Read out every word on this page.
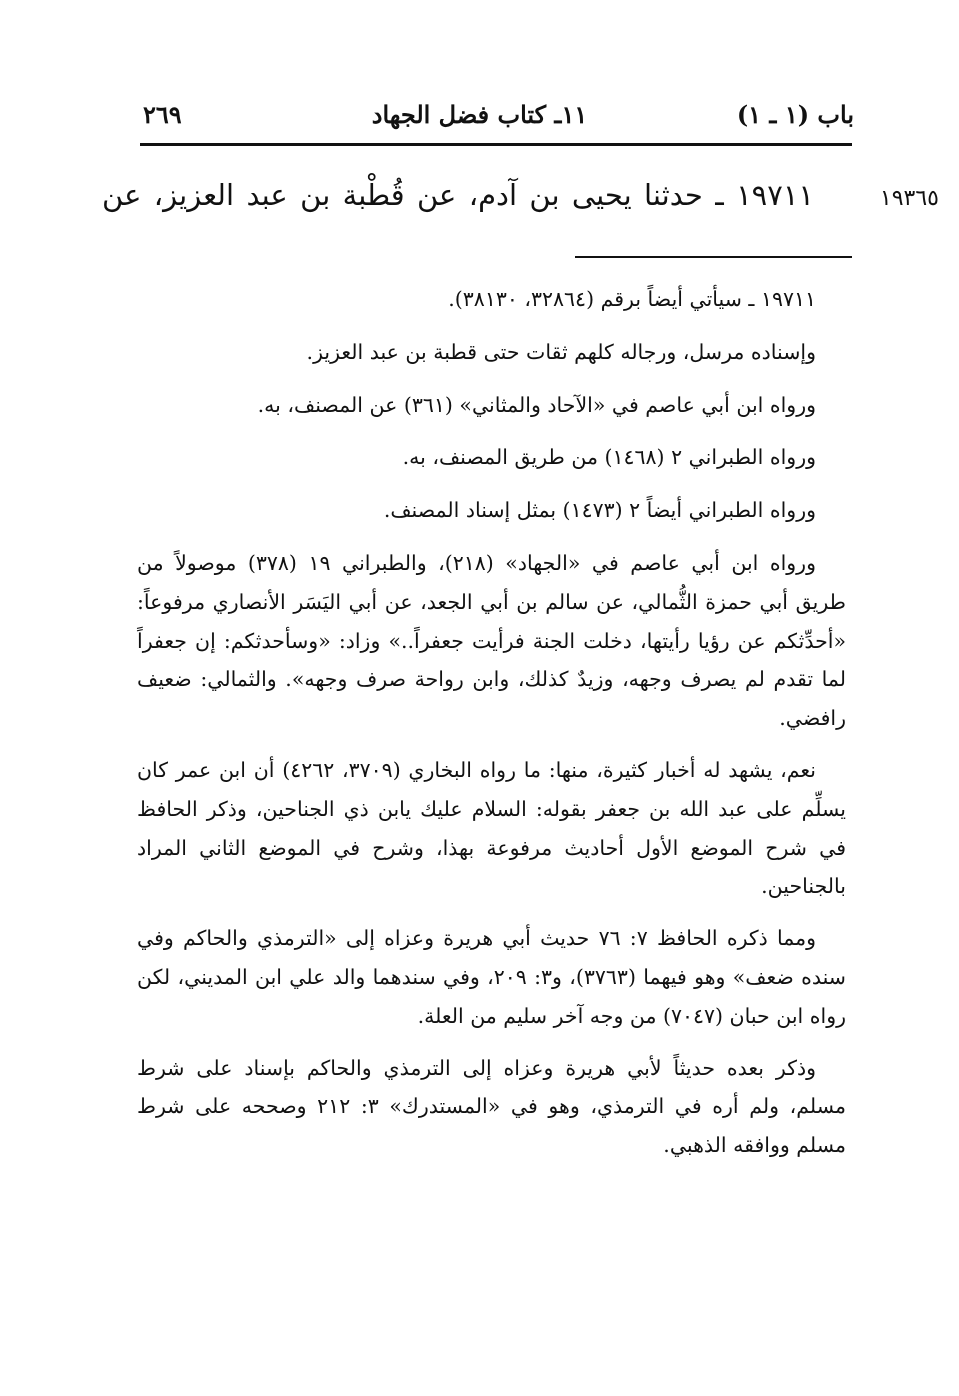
باب (١ ـ ١)
١١ـ كتاب فضل الجهاد
٢٦٩
١٩٧١١ ـ حدثنا يحيى بن آدم، عن قُطْبة بن عبد العزيز، عن	١٩٣٦٥

١٩٧١١ ـ سيأتي أيضاً برقم (٣٢٨٦٤، ٣٨١٣٠).

وإسناده مرسل، ورجاله كلهم ثقات حتى قطبة بن عبد العزيز.

ورواه ابن أبي عاصم في «الآحاد والمثاني» (٣٦١) عن المصنف، به.

ورواه الطبراني ٢ (١٤٦٨) من طريق المصنف، به.

ورواه الطبراني أيضاً ٢ (١٤٧٣) بمثل إسناد المصنف.

ورواه ابن أبي عاصم في «الجهاد» (٢١٨)، والطبراني ١٩ (٣٧٨) موصولاً من طريق أبي حمزة الثُّمالي، عن سالم بن أبي الجعد، عن أبي اليَسَر الأنصاري مرفوعاً: «أحدِّثكم عن رؤيا رأيتها، دخلت الجنة فرأيت جعفراً..» وزاد: «وسأحدثكم: إن جعفراً لما تقدم لم يصرف وجهه، وزيدٌ كذلك، وابن رواحة صرف وجهه». والثمالي: ضعيف رافضي.

نعم، يشهد له أخبار كثيرة، منها: ما رواه البخاري (٣٧٠٩، ٤٢٦٢) أن ابن عمر كان يسلِّم على عبد الله بن جعفر بقوله: السلام عليك يابن ذي الجناحين، وذكر الحافظ في شرح الموضع الأول أحاديث مرفوعة بهذا، وشرح في الموضع الثاني المراد بالجناحين.

ومما ذكره الحافظ ٧: ٧٦ حديث أبي هريرة وعزاه إلى «الترمذي والحاكم وفي سنده ضعف» وهو فيهما (٣٧٦٣)، و٣: ٢٠٩، وفي سندهما والد علي ابن المديني، لكن رواه ابن حبان (٧٠٤٧) من وجه آخر سليم من العلة.

وذكر بعده حديثاً لأبي هريرة وعزاه إلى الترمذي والحاكم بإسناد على شرط مسلم، ولم أره في الترمذي، وهو في «المستدرك» ٣: ٢١٢ وصححه على شرط مسلم ووافقه الذهبي.
